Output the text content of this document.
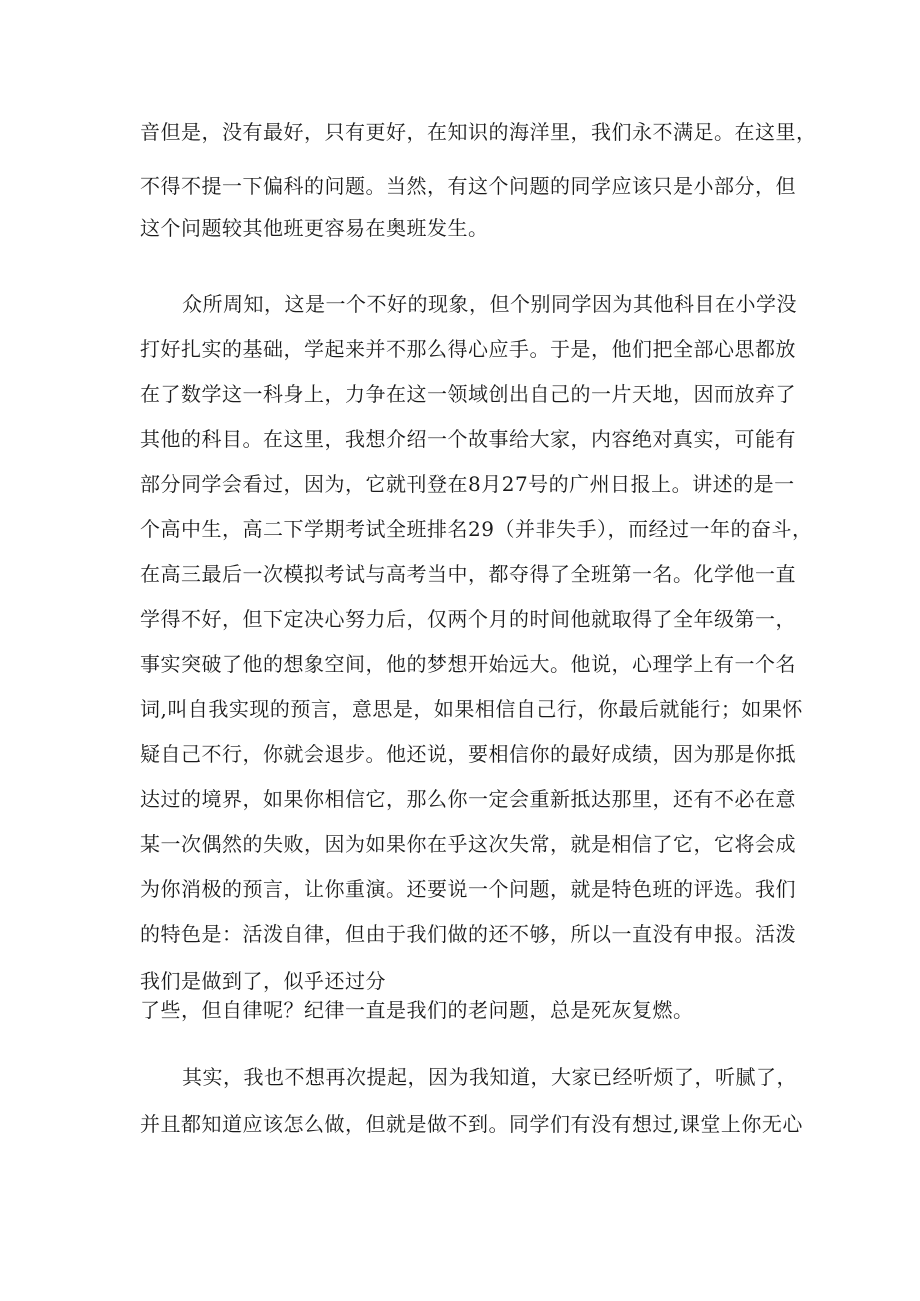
音但是，没有最好，只有更好，在知识的海洋里，我们永不满足。在这里，
不得不提一下偏科的问题。当然，有这个问题的同学应该只是小部分，但
这个问题较其他班更容易在奥班发生。
众所周知，这是一个不好的现象，但个别同学因为其他科目在小学没
打好扎实的基础，学起来并不那么得心应手。于是，他们把全部心思都放
在了数学这一科身上，力争在这一领域创出自己的一片天地，因而放弃了
其他的科目。在这里，我想介绍一个故事给大家，内容绝对真实，可能有
部分同学会看过，因为，它就刊登在8月27号的广州日报上。讲述的是一
个高中生，高二下学期考试全班排名29（并非失手），而经过一年的奋斗，
在高三最后一次模拟考试与高考当中，都夺得了全班第一名。化学他一直
学得不好，但下定决心努力后，仅两个月的时间他就取得了全年级第一，
事实突破了他的想象空间，他的梦想开始远大。他说，心理学上有一个名
词,叫自我实现的预言，意思是，如果相信自己行，你最后就能行；如果怀
疑自己不行，你就会退步。他还说，要相信你的最好成绩，因为那是你抵
达过的境界，如果你相信它，那么你一定会重新抵达那里，还有不必在意
某一次偶然的失败，因为如果你在乎这次失常，就是相信了它，它将会成
为你消极的预言，让你重演。还要说一个问题，就是特色班的评选。我们
的特色是：活泼自律，但由于我们做的还不够，所以一直没有申报。活泼
我们是做到了，似乎还过分
了些，但自律呢？纪律一直是我们的老问题，总是死灰复燃。
其实，我也不想再次提起，因为我知道，大家已经听烦了，听腻了，
并且都知道应该怎么做，但就是做不到。同学们有没有想过,课堂上你无心
